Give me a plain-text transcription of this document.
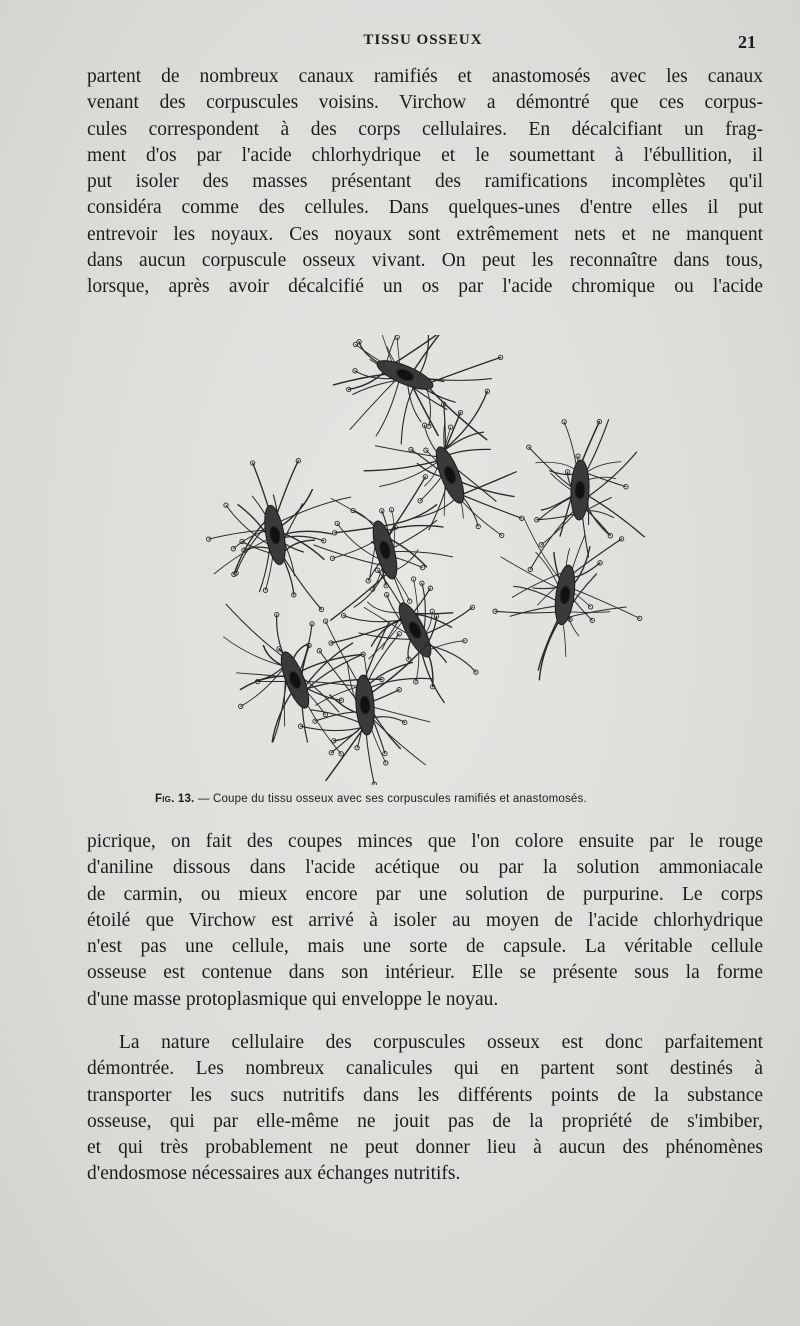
TISSU OSSEUX	21
partent de nombreux canaux ramifiés et anastomosés avec les canaux
venant des corpuscules voisins. Virchow a démontré que ces corpus-
cules correspondent à des corps cellulaires. En décalcifiant un frag-
ment d'os par l'acide chlorhydrique et le soumettant à l'ébullition, il
put isoler des masses présentant des ramifications incomplètes qu'il
considéra comme des cellules. Dans quelques-unes d'entre elles il put
entrevoir les noyaux. Ces noyaux sont extrêmement nets et ne manquent
dans aucun corpuscule osseux vivant. On peut les reconnaître dans tous,
lorsque, après avoir décalcifié un os par l'acide chromique ou l'acide
Fig. 13. — Coupe du tissu osseux avec ses corpuscules ramifiés et anastomosés.
picrique, on fait des coupes minces que l'on colore ensuite par le rouge
d'aniline dissous dans l'acide acétique ou par la solution ammoniacale
de carmin, ou mieux encore par une solution de purpurine. Le corps
étoilé que Virchow est arrivé à isoler au moyen de l'acide chlorhydrique
n'est pas une cellule, mais une sorte de capsule. La véritable cellule
osseuse est contenue dans son intérieur. Elle se présente sous la forme
d'une masse protoplasmique qui enveloppe le noyau.
La nature cellulaire des corpuscules osseux est donc parfaitement
démontrée. Les nombreux canalicules qui en partent sont destinés à
transporter les sucs nutritifs dans les différents points de la substance
osseuse, qui par elle-même ne jouit pas de la propriété de s'imbiber,
et qui très probablement ne peut donner lieu à aucun des phénomènes
d'endosmose nécessaires aux échanges nutritifs.
